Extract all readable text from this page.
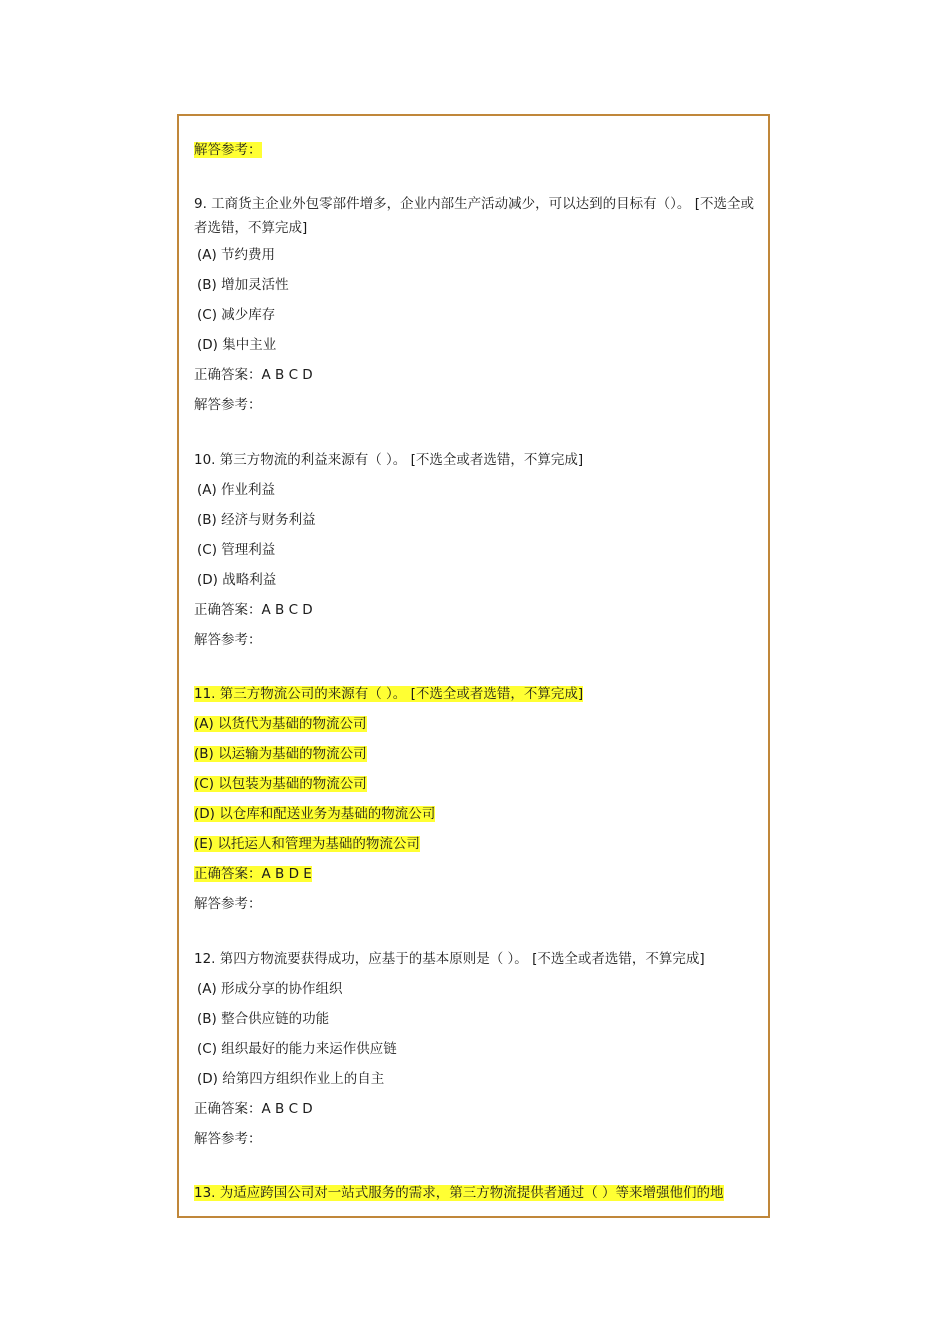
解答参考：
9. 工商货主企业外包零部件增多，企业内部生产活动减少，可以达到的目标有（）。 [不选全或者选错，不算完成]
(A) 节约费用
(B) 增加灵活性
(C) 减少库存
(D) 集中主业
正确答案：A B C D
解答参考：
10. 第三方物流的利益来源有（ ）。 [不选全或者选错，不算完成]
(A) 作业利益
(B) 经济与财务利益
(C) 管理利益
(D) 战略利益
正确答案：A B C D
解答参考：
11. 第三方物流公司的来源有（ ）。 [不选全或者选错，不算完成]
(A) 以货代为基础的物流公司
(B) 以运输为基础的物流公司
(C) 以包装为基础的物流公司
(D) 以仓库和配送业务为基础的物流公司
(E) 以托运人和管理为基础的物流公司
正确答案：A B D E
解答参考：
12. 第四方物流要获得成功，应基于的基本原则是（ ）。 [不选全或者选错，不算完成]
(A) 形成分享的协作组织
(B) 整合供应链的功能
(C) 组织最好的能力来运作供应链
(D) 给第四方组织作业上的自主
正确答案：A B C D
解答参考：
13. 为适应跨国公司对一站式服务的需求，第三方物流提供者通过（ ）等来增强他们的地
